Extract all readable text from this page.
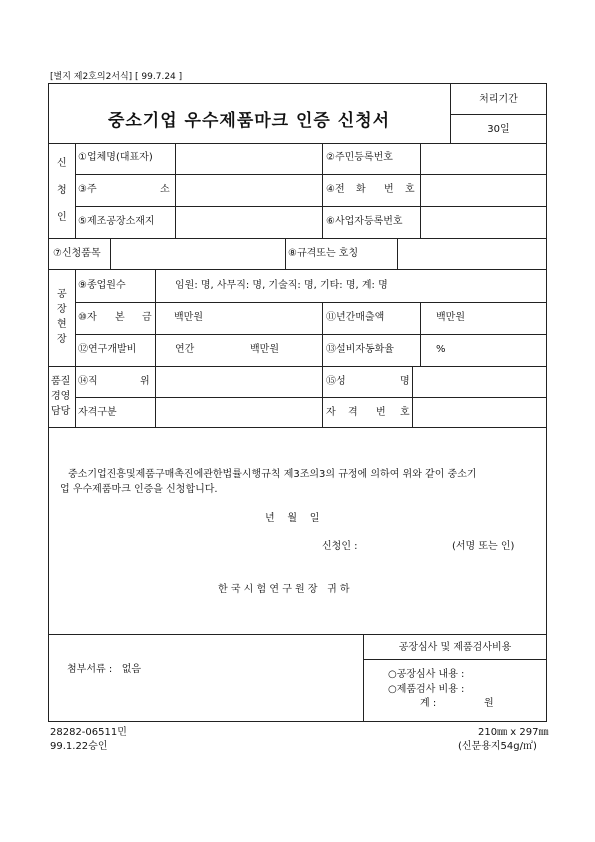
[별지 제2호의2서식] [ 99.7.24 ]
중소기업 우수제품마크 인증 신청서
처리기간
30일
신
청
인
①업체명(대표자)	②주민등록번호
③주	소	④전 화 번 호
⑤제조공장소재지	⑥사업자등록번호
⑦신청품목	⑧규격또는 호칭
공
장
현
장
⑨종업원수	임원: 명, 사무직: 명, 기술직: 명, 기타: 명, 계: 명
⑩자 본 금 백만원	⑪년간매출액	백만원
⑫연구개발비	연간	백만원	⑬설비자동화율	%
품질
경영
담당
⑭직	위	⑮성	명
자격구분	자 격 번 호
중소기업진흥및제품구매촉진에관한법률시행규칙 제3조의3의 규정에 의하여 위와 같이 중소기
업 우수제품마크 인증을 신청합니다.
년    월    일
신청인 :	(서명 또는 인)
한 국 시 험 연 구 원 장   귀 하
첨부서류 :   없음
공장심사 및 제품검사비용
○공장심사 내용 :
○제품검사 비용 :
계 :	원
28282-06511민
99.1.22승인
210㎜ x 297㎜
(신문용지54g/㎡)
